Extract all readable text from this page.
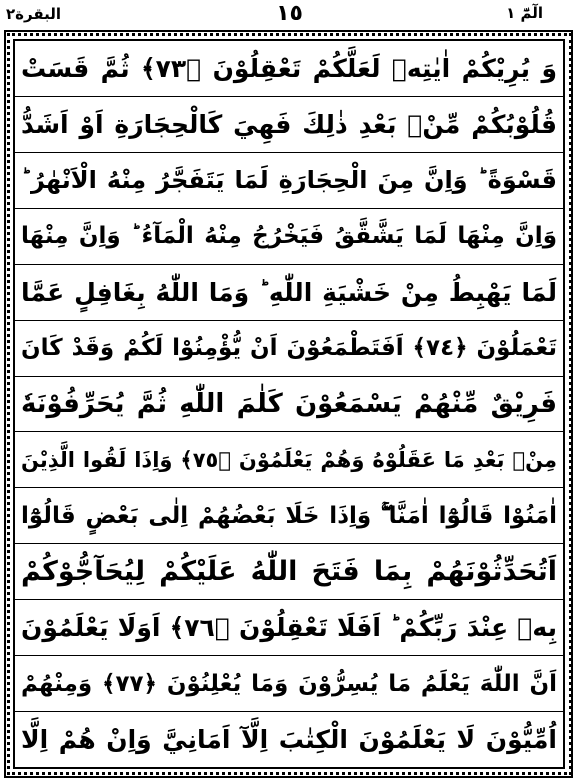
البقرة٢	١٥	الٓمّٓ ١
وَ يُرِيْكُمْ اٰيٰتِهٖ لَعَلَّكُمْ تَعْقِلُوْنَ ﴿٧٣﴾ ثُمَّ قَسَتْ
قُلُوْبُكُمْ مِّنْۢ بَعْدِ ذٰلِكَ فَهِيَ كَالْحِجَارَةِ اَوْ اَشَدُّ
قَسْوَةً ؕ وَاِنَّ مِنَ الْحِجَارَةِ لَمَا يَتَفَجَّرُ مِنْهُ الْاَنْهٰرُ ؕ
وَاِنَّ مِنْهَا لَمَا يَشَّقَّقُ فَيَخْرُجُ مِنْهُ الْمَآءُ ؕ وَاِنَّ مِنْهَا
لَمَا يَهْبِطُ مِنْ خَشْيَةِ اللّٰهِ ؕ وَمَا اللّٰهُ بِغَافِلٍ عَمَّا
تَعْمَلُوْنَ ﴿٧٤﴾ اَفَتَطْمَعُوْنَ اَنْ يُّؤْمِنُوْا لَكُمْ وَقَدْ كَانَ
فَرِيْقٌ مِّنْهُمْ يَسْمَعُوْنَ كَلٰمَ اللّٰهِ ثُمَّ يُحَرِّفُوْنَهٗ
مِنْۢ بَعْدِ مَا عَقَلُوْهُ وَهُمْ يَعْلَمُوْنَ ﴿٧٥﴾ وَاِذَا لَقُوا الَّذِيْنَ
اٰمَنُوْا قَالُوْٓا اٰمَنَّا ۚۖ وَاِذَا خَلَا بَعْضُهُمْ اِلٰى بَعْضٍ قَالُوْٓا
اَتُحَدِّثُوْنَهُمْ بِمَا فَتَحَ اللّٰهُ عَلَيْكُمْ لِيُحَآجُّوْكُمْ
بِهٖ عِنْدَ رَبِّكُمْ ؕ اَفَلَا تَعْقِلُوْنَ ﴿٧٦﴾ اَوَلَا يَعْلَمُوْنَ
اَنَّ اللّٰهَ يَعْلَمُ مَا يُسِرُّوْنَ وَمَا يُعْلِنُوْنَ ﴿٧٧﴾ وَمِنْهُمْ
اُمِّيُّوْنَ لَا يَعْلَمُوْنَ الْكِتٰبَ اِلَّآ اَمَانِيَّ وَاِنْ هُمْ اِلَّا
